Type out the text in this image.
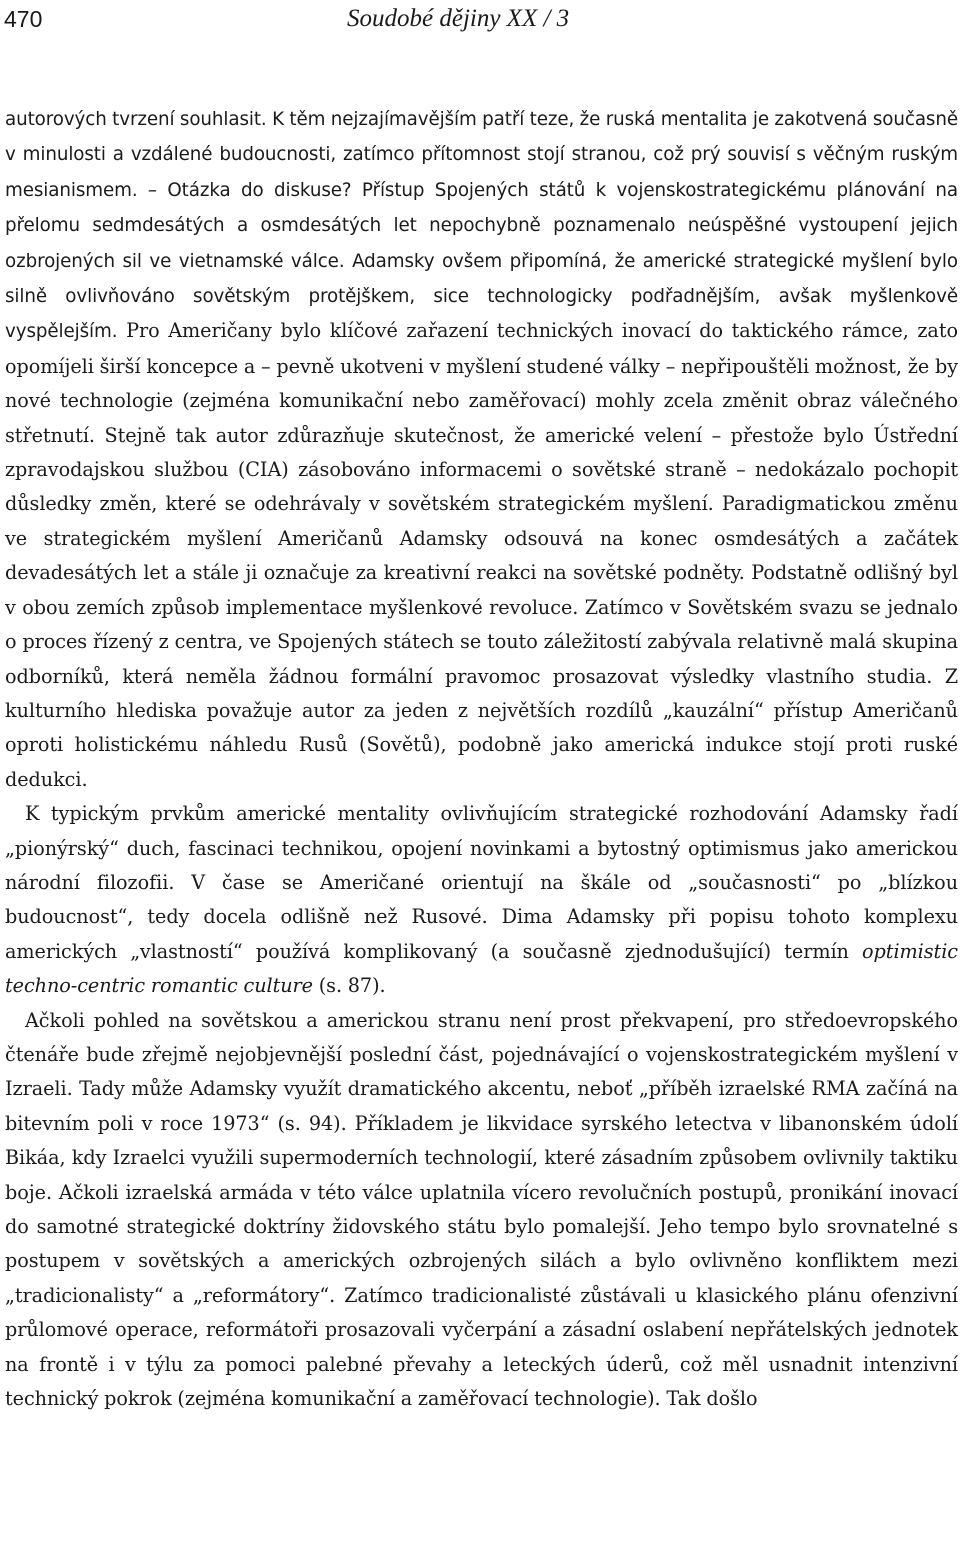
470	Soudobé dějiny XX / 3

autorových tvrzení souhlasit. K těm nejzajímavějším patří teze, že ruská mentalita je zakotvená současně v minulosti a vzdálené budoucnosti, zatímco přítomnost stojí stranou, což prý souvisí s věčným ruským mesianismem. – Otázka do diskuse? Přístup Spojených států k vojenskostrategickému plánování na přelomu sedmdesátých a osmdesátých let nepochybně poznamenalo neúspěšné vystoupení jejich ozbrojených sil ve vietnamské válce. Adamsky ovšem připomíná, že americké strategické myšlení bylo silně ovlivňováno sovětským protějškem, sice technologicky podřadnějším, avšak myšlenkově vyspělejším. Pro Američany bylo klíčové zařazení technických inovací do taktického rámce, zato opomíjeli širší koncepce a – pevně ukotveni v myšlení studené války – nepřipouštěli možnost, že by nové technologie (zejména komunikační nebo zaměřovací) mohly zcela změnit obraz válečného střetnutí. Stejně tak autor zdůrazňuje skutečnost, že americké velení – přestože bylo Ústřední zpravodajskou službou (CIA) zásobováno informacemi o sovětské straně – nedokázalo pochopit důsledky změn, které se odehrávaly v sovětském strategickém myšlení. Paradigmatickou změnu ve strategickém myšlení Američanů Adamsky odsouvá na konec osmdesátých a začátek devadesátých let a stále ji označuje za kreativní reakci na sovětské podněty. Podstatně odlišný byl v obou zemích způsob implementace myšlenkové revoluce. Zatímco v Sovětském svazu se jednalo o proces řízený z centra, ve Spojených státech se touto záležitostí zabývala relativně malá skupina odborníků, která neměla žádnou formální pravomoc prosazovat výsledky vlastního studia. Z kulturního hlediska považuje autor za jeden z největších rozdílů „kauzální“ přístup Američanů oproti holistickému náhledu Rusů (Sovětů), podobně jako americká indukce stojí proti ruské dedukci.

K typickým prvkům americké mentality ovlivňujícím strategické rozhodování Adamsky řadí „pionýrský“ duch, fascinaci technikou, opojení novinkami a bytostný optimismus jako americkou národní filozofii. V čase se Američané orientují na škále od „současnosti“ po „blízkou budoucnost“, tedy docela odlišně než Rusové. Dima Adamsky při popisu tohoto komplexu amerických „vlastností“ používá komplikovaný (a současně zjednodušující) termín optimistic techno-centric romantic culture (s. 87).

Ačkoli pohled na sovětskou a americkou stranu není prost překvapení, pro středoevropského čtenáře bude zřejmě nejobjevnější poslední část, pojednávající o vojenskostrategickém myšlení v Izraeli. Tady může Adamsky využít dramatického akcentu, neboť „příběh izraelské RMA začíná na bitevním poli v roce 1973“ (s. 94). Příkladem je likvidace syrského letectva v libanonském údolí Bikáa, kdy Izraelci využili supermoderních technologií, které zásadním způsobem ovlivnily taktiku boje. Ačkoli izraelská armáda v této válce uplatnila vícero revolučních postupů, pronikání inovací do samotné strategické doktríny židovského státu bylo pomalejší. Jeho tempo bylo srovnatelné s postupem v sovětských a amerických ozbrojených silách a bylo ovlivněno konfliktem mezi „tradicionalisty“ a „reformátory“. Zatímco tradicionalisté zůstávali u klasického plánu ofenzivní průlomové operace, reformátoři prosazovali vyčerpání a zásadní oslabení nepřátelských jednotek na frontě i v týlu za pomoci palebné převahy a leteckých úderů, což měl usnadnit intenzivní technický pokrok (zejména komunikační a zaměřovací technologie). Tak došlo
